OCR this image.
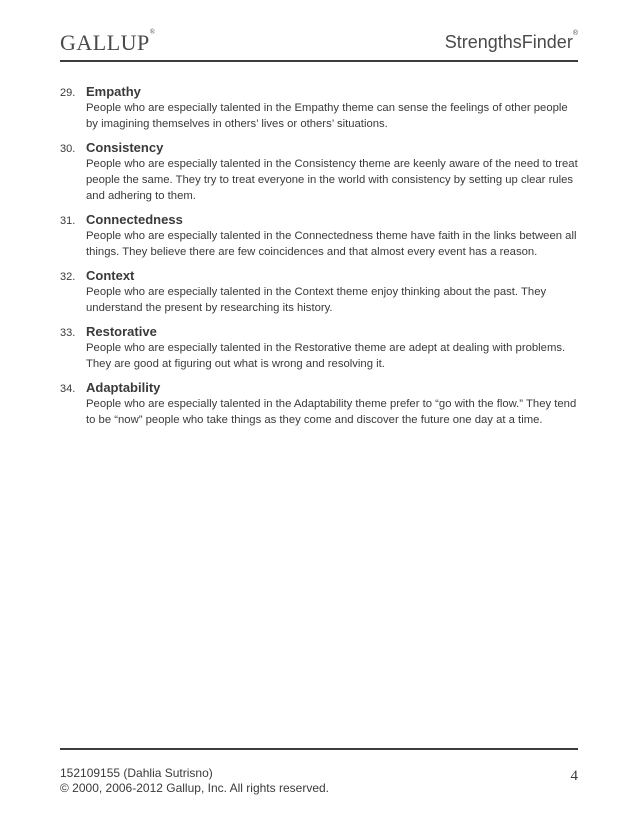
GALLUP®	StrengthsFinder®
29. Empathy
People who are especially talented in the Empathy theme can sense the feelings of other people by imagining themselves in others’ lives or others’ situations.
30. Consistency
People who are especially talented in the Consistency theme are keenly aware of the need to treat people the same. They try to treat everyone in the world with consistency by setting up clear rules and adhering to them.
31. Connectedness
People who are especially talented in the Connectedness theme have faith in the links between all things. They believe there are few coincidences and that almost every event has a reason.
32. Context
People who are especially talented in the Context theme enjoy thinking about the past. They understand the present by researching its history.
33. Restorative
People who are especially talented in the Restorative theme are adept at dealing with problems. They are good at figuring out what is wrong and resolving it.
34. Adaptability
People who are especially talented in the Adaptability theme prefer to “go with the flow.” They tend to be “now” people who take things as they come and discover the future one day at a time.
152109155 (Dahlia Sutrisno)
© 2000, 2006-2012 Gallup, Inc. All rights reserved.
4
